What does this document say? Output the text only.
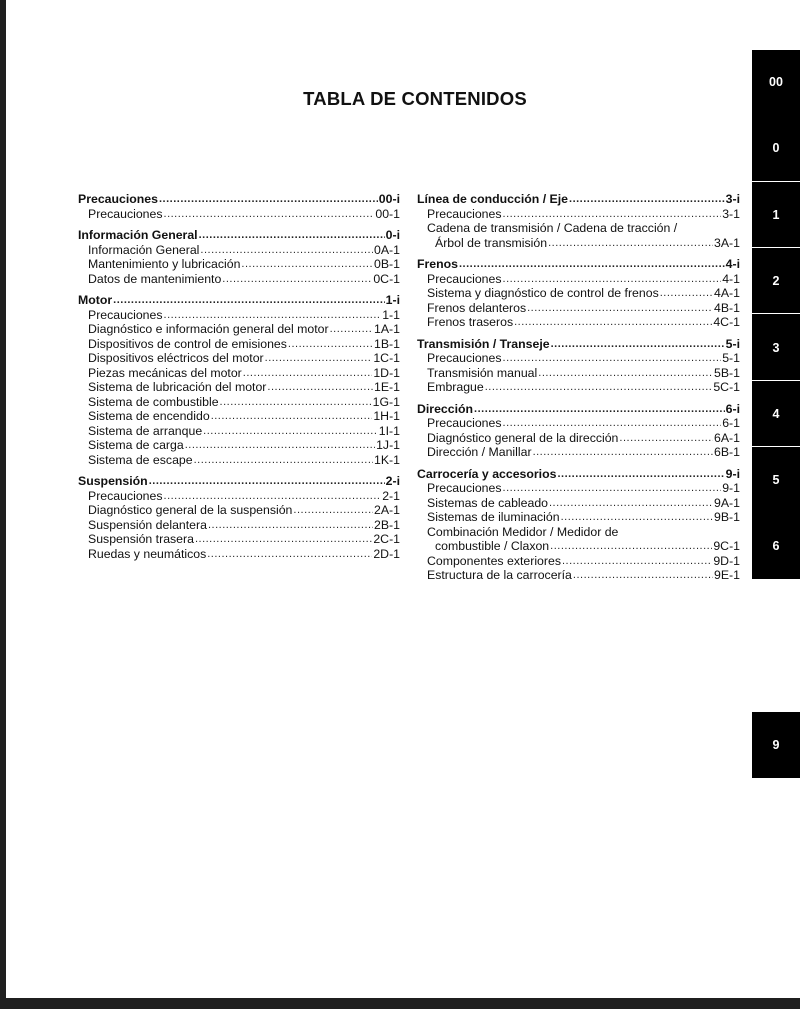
TABLA DE CONTENIDOS
Precauciones .....	00-i
Precauciones .....	00-1
Información General .....	0-i
Información General .....	0A-1
Mantenimiento y lubricación .....	0B-1
Datos de mantenimiento .....	0C-1
Motor .....	1-i
Precauciones .....	1-1
Diagnóstico e información general del motor .....	1A-1
Dispositivos de control de emisiones .....	1B-1
Dispositivos eléctricos del motor .....	1C-1
Piezas mecánicas del motor .....	1D-1
Sistema de lubricación del motor .....	1E-1
Sistema de combustible .....	1G-1
Sistema de encendido .....	1H-1
Sistema de arranque .....	1I-1
Sistema de carga .....	1J-1
Sistema de escape .....	1K-1
Suspensión .....	2-i
Precauciones .....	2-1
Diagnóstico general de la suspensión .....	2A-1
Suspensión delantera .....	2B-1
Suspensión trasera .....	2C-1
Ruedas y neumáticos .....	2D-1
Línea de conducción / Eje .....	3-i
Precauciones .....	3-1
Cadena de transmisión / Cadena de tracción /
Árbol de transmisión .....	3A-1
Frenos .....	4-i
Precauciones .....	4-1
Sistema y diagnóstico de control de frenos .....	4A-1
Frenos delanteros .....	4B-1
Frenos traseros .....	4C-1
Transmisión / Transeje .....	5-i
Precauciones .....	5-1
Transmisión manual .....	5B-1
Embrague .....	5C-1
Dirección .....	6-i
Precauciones .....	6-1
Diagnóstico general de la dirección .....	6A-1
Dirección / Manillar .....	6B-1
Carrocería y accesorios .....	9-i
Precauciones .....	9-1
Sistemas de cableado .....	9A-1
Sistemas de iluminación .....	9B-1
Combinación Medidor / Medidor de
combustible / Claxon .....	9C-1
Componentes exteriores .....	9D-1
Estructura de la carrocería .....	9E-1
00
0
1
2
3
4
5
6
9
